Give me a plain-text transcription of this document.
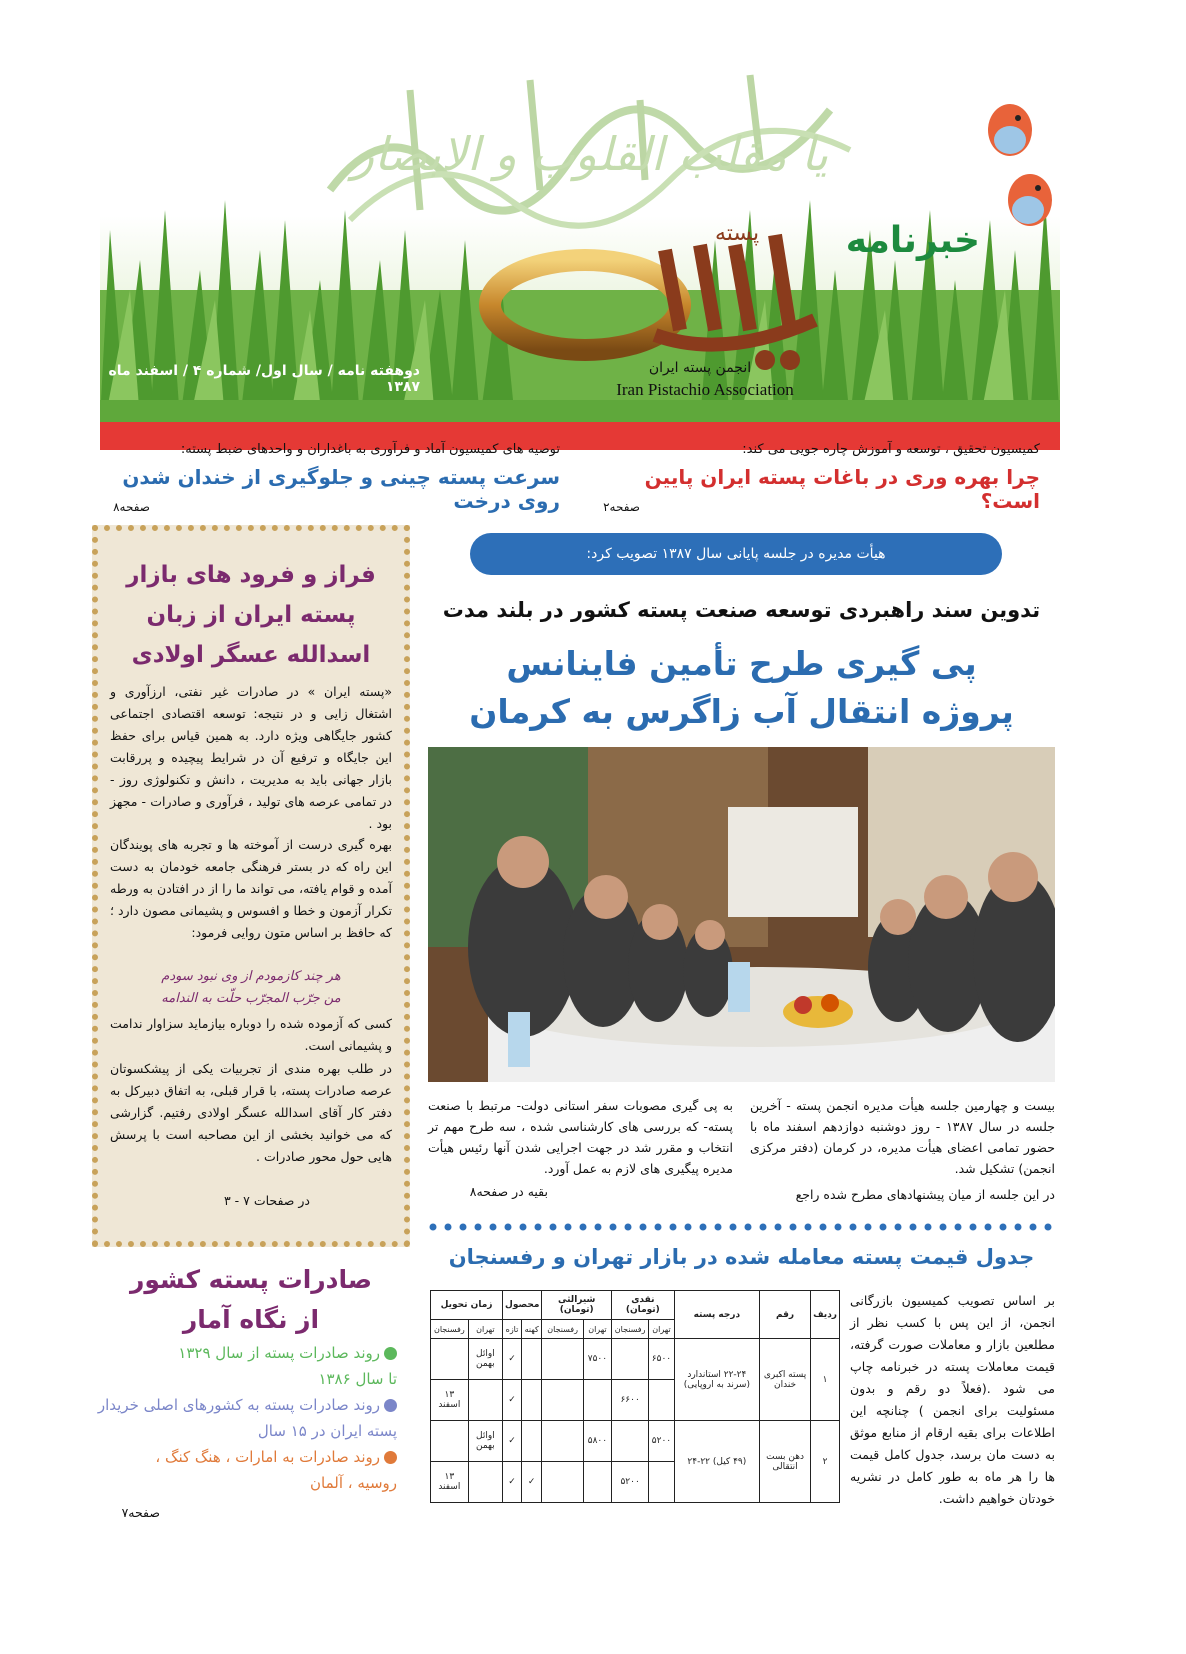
یا مقلب القلوب و الابصار
پسته خبرنامه
انجمن پسته ایران
Iran Pistachio Association
دوهفته نامه / سال اول/ شماره ۴ / اسفند ماه ۱۳۸۷
کمیسیون تحقیق ، توسعه و آموزش چاره جویی می کند:
چرا بهره وری در باغات پسته ایران پایین است؟
صفحه۲
توصیه های کمیسیون آماد و فرآوری به باغداران و واحدهای ضبط پسته:
سرعت پسته چینی و جلوگیری از خندان شدن روی درخت
صفحه۸
فراز و فرود های بازار
پسته ایران از زبان
اسدالله عسگر اولادی
«پسته ایران » در صادرات غیر نفتی، ارزآوری و اشتغال زایی و در نتیجه: توسعه اقتصادی اجتماعی کشور جایگاهی ویژه دارد. به همین قیاس برای حفظ این جایگاه و ترفیع آن در شرایط پیچیده و پررقابت بازار جهانی باید به مدیریت ، دانش و تکنولوژی روز - در تمامی عرصه های تولید ، فرآوری و صادرات - مجهز بود .
بهره گیری درست از آموخته ها و تجربه های پویندگان این راه که در بستر فرهنگی جامعه خودمان به دست آمده و قوام یافته، می تواند ما را از در افتادن به ورطه تکرار آزمون و خطا و افسوس و پشیمانی مصون دارد ؛ که حافظ بر اساس متون روایی فرمود:
هر چند کازمودم از وی نبود سودم
من جرّب المجرّب حلّت به الندامه
کسی که آزموده شده را دوباره بیازماید سزاوار ندامت و پشیمانی است.
در طلب بهره مندی از تجربیات یکی از پیشکسوتان عرصه صادرات پسته، با قرار قبلی، به اتفاق دبیرکل به دفتر کار آقای اسدالله عسگر اولادی رفتیم. گزارشی که می خوانید بخشی از این مصاحبه است با پرسش هایی حول محور صادرات .
در صفحات ۷ - ۳
هیأت مدیره در جلسه پایانی سال ۱۳۸۷ تصویب کرد:
تدوین سند راهبردی توسعه صنعت پسته کشور در بلند مدت
پی گیری طرح تأمین فاینانس
پروژه انتقال آب زاگرس به کرمان
بیست و چهارمین جلسه هیأت مدیره انجمن پسته - آخرین جلسه در سال ۱۳۸۷ - روز دوشنبه دوازدهم اسفند ماه با حضور تمامی اعضای هیأت مدیره، در کرمان (دفتر مرکزی انجمن) تشکیل شد.
در این جلسه از میان پیشنهادهای مطرح شده راجع
به پی گیری مصوبات سفر استانی دولت- مرتبط با صنعت پسته- که بررسی های کارشناسی شده ، سه طرح مهم تر انتخاب و مقرر شد در جهت اجرایی شدن آنها رئیس هیأت مدیره پیگیری های لازم به عمل آورد.
بقیه در صفحه۸
جدول قیمت پسته معامله شده در بازار تهران و رفسنجان
ردیف	رقم	درجه پسته	نقدی (تومان)		شیرالثی (تومان)		محصول		زمان تحویل	
			تهران	رفسنجان	تهران	رفسنجان	کهنه	تازه	تهران	رفسنجان
۱	پسته اکبری خندان	۲۲-۲۴ استاندارد (سرند به اروپایی)	۶۵۰۰		۷۵۰۰			✓	اوائل بهمن	
				۶۶۰۰				✓		۱۳ اسفند
۲	دهن بست انتقالی	(۴۹ کیل) ۲۲-۲۴	۵۲۰۰		۵۸۰۰			✓	اوائل بهمن	
				۵۲۰۰			✓	✓		۱۳ اسفند
بر اساس تصویب کمیسیون بازرگانی انجمن، از این پس با کسب نظر از مطلعین بازار و معاملات صورت گرفته، قیمت معاملات پسته در خبرنامه چاپ می شود .(فعلاً دو رقم و بدون مسئولیت برای انجمن ) چنانچه این اطلاعات برای بقیه ارقام از منابع موثق به دست مان برسد، جدول کامل قیمت ها را هر ماه به طور کامل در نشریه خودتان خواهیم داشت.
صادرات پسته کشور
از نگاه آمار
روند صادرات پسته از سال ۱۳۲۹
تا سال ۱۳۸۶
روند صادرات پسته به کشورهای اصلی خریدار
پسته ایران در ۱۵ سال
روند صادرات به امارات ، هنگ کنگ ،
روسیه ، آلمان
صفحه۷
